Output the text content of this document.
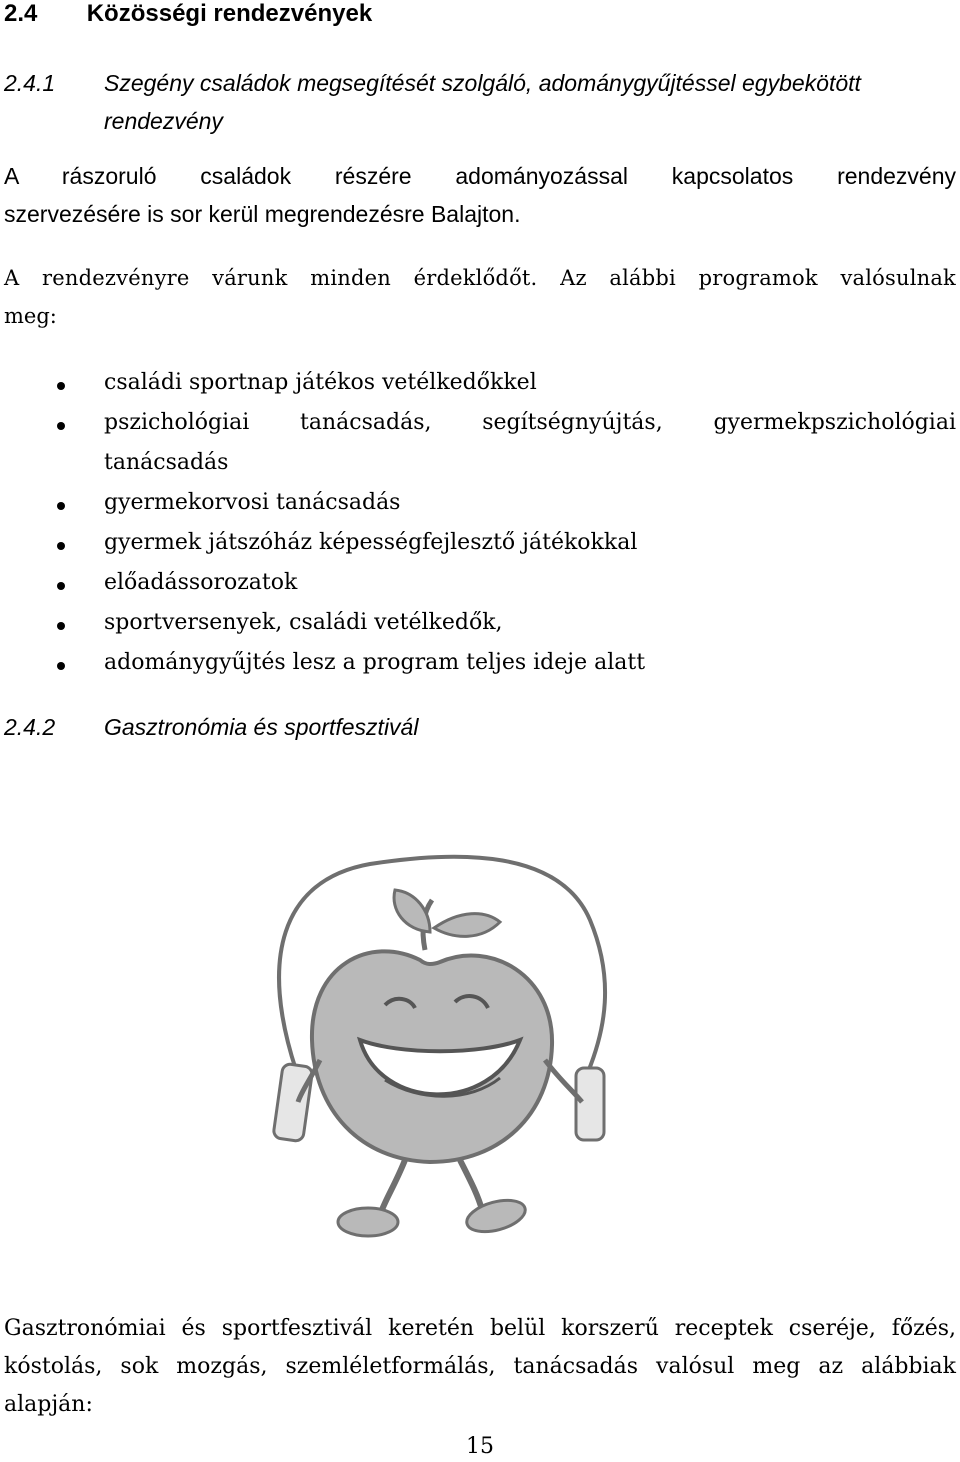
2.4 Közösségi rendezvények
2.4.1 Szegény családok megsegítését szolgáló, adománygyűjtéssel egybekötött
rendezvény
A rászoruló családok részére adományozással kapcsolatos rendezvény
szervezésére is sor kerül megrendezésre Balajton.
A rendezvényre várunk minden érdeklődőt. Az alábbi programok valósulnak
meg:
családi sportnap játékos vetélkedőkkel
pszichológiai tanácsadás, segítségnyújtás, gyermekpszichológiai
tanácsadás
gyermekorvosi tanácsadás
gyermek játszóház képességfejlesztő játékokkal
előadássorozatok
sportversenyek, családi vetélkedők,
adománygyűjtés lesz a program teljes ideje alatt
2.4.2 Gasztronómia és sportfesztivál
Gasztronómiai és sportfesztivál keretén belül korszerű receptek cseréje, főzés,
kóstolás, sok mozgás, szemléletformálás, tanácsadás valósul meg az alábbiak
alapján:
15
